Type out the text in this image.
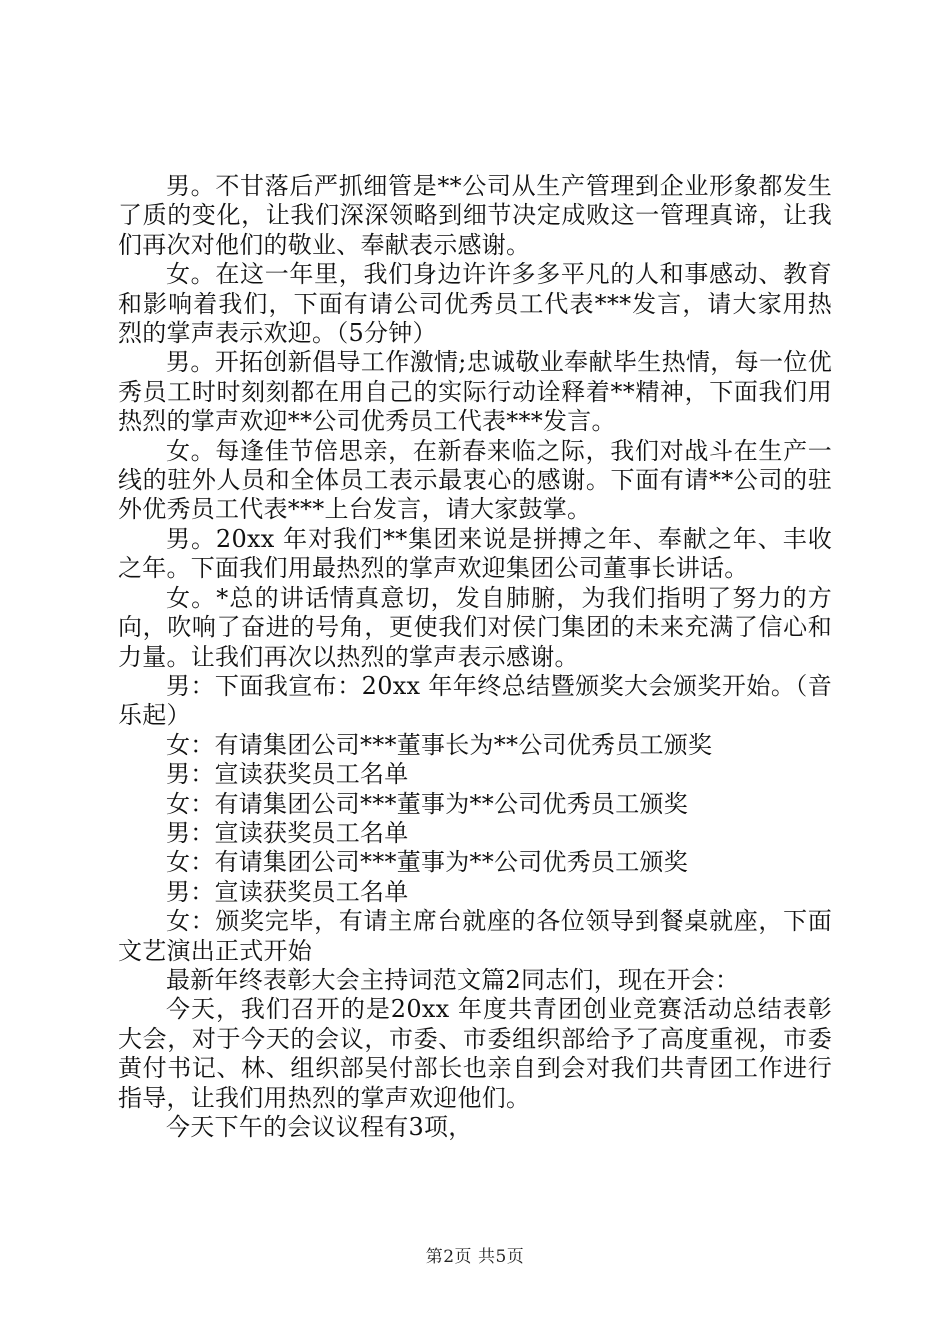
男。不甘落后严抓细管是**公司从生产管理到企业形象都发生了质的变化，让我们深深领略到细节决定成败这一管理真谛，让我们再次对他们的敬业、奉献表示感谢。

女。在这一年里，我们身边许许多多平凡的人和事感动、教育和影响着我们，下面有请公司优秀员工代表***发言，请大家用热烈的掌声表示欢迎。（5分钟）

男。开拓创新倡导工作激情;忠诚敬业奉献毕生热情，每一位优秀员工时时刻刻都在用自己的实际行动诠释着**精神，下面我们用热烈的掌声欢迎**公司优秀员工代表***发言。

女。每逢佳节倍思亲，在新春来临之际，我们对战斗在生产一线的驻外人员和全体员工表示最衷心的感谢。下面有请**公司的驻外优秀员工代表***上台发言，请大家鼓掌。

男。20xx 年对我们**集团来说是拼搏之年、奉献之年、丰收之年。下面我们用最热烈的掌声欢迎集团公司董事长讲话。

女。*总的讲话情真意切，发自肺腑，为我们指明了努力的方向，吹响了奋进的号角，更使我们对侯门集团的未来充满了信心和力量。让我们再次以热烈的掌声表示感谢。

男：下面我宣布：20xx 年年终总结暨颁奖大会颁奖开始。（音乐起）

女：有请集团公司***董事长为**公司优秀员工颁奖

男：宣读获奖员工名单

女：有请集团公司***董事为**公司优秀员工颁奖

男：宣读获奖员工名单

女：有请集团公司***董事为**公司优秀员工颁奖

男：宣读获奖员工名单

女：颁奖完毕，有请主席台就座的各位领导到餐桌就座，下面文艺演出正式开始

最新年终表彰大会主持词范文篇2同志们，现在开会：

今天，我们召开的是20xx 年度共青团创业竞赛活动总结表彰大会，对于今天的会议，市委、市委组织部给予了高度重视，市委黄付书记、林、组织部吴付部长也亲自到会对我们共青团工作进行指导，让我们用热烈的掌声欢迎他们。

今天下午的会议议程有3项，

第2页 共5页
